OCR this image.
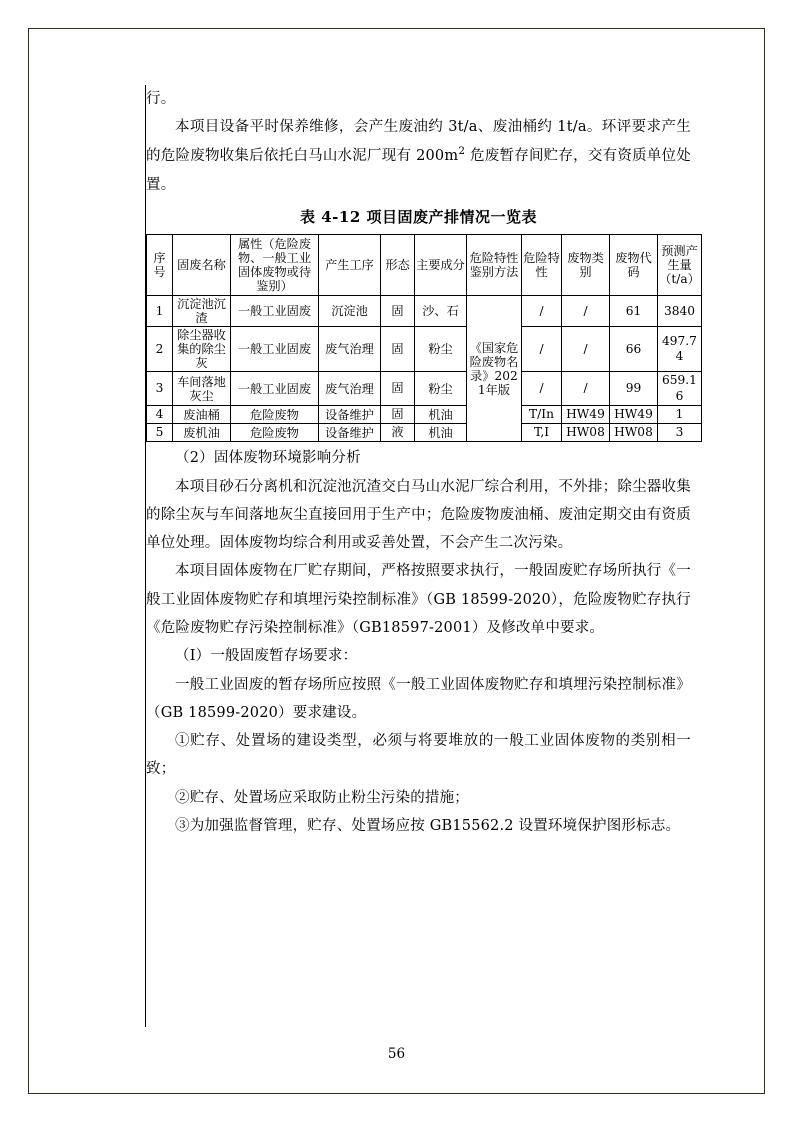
行。

本项目设备平时保养维修，会产生废油约 3t/a、废油桶约 1t/a。环评要求产生的危险废物收集后依托白马山水泥厂现有 $200m^2$ 危废暂存间贮存，交有资质单位处置。

表 4-12 项目固废产排情况一览表
序号	固废名称	属性（危险废物、一般工业固体废物或待鉴别）	产生工序	形态	主要成分	危险特性鉴别方法	危险特性	废物类别	废物代码	预测产生量（t/a）
1	沉淀池沉渣	一般工业固废	沉淀池	固	沙、石	《国家危险废物名录》2021年版	/	/	61	3840
2	除尘器收集的除尘灰	一般工业固废	废气治理	固	粉尘		/	/	66	497.74
3	车间落地灰尘	一般工业固废	废气治理	固	粉尘		/	/	99	659.16
4	废油桶	危险废物	设备维护	固	机油		T/In	HW49	HW49	1
5	废机油	危险废物	设备维护	液	机油		T,I	HW08	HW08	3

（2）固体废物环境影响分析

本项目砂石分离机和沉淀池沉渣交白马山水泥厂综合利用，不外排；除尘器收集的除尘灰与车间落地灰尘直接回用于生产中；危险废物废油桶、废油定期交由有资质单位处理。固体废物均综合利用或妥善处置，不会产生二次污染。

本项目固体废物在厂贮存期间，严格按照要求执行，一般固废贮存场所执行《一般工业固体废物贮存和填埋污染控制标准》（GB 18599-2020），危险废物贮存执行《危险废物贮存污染控制标准》（GB18597-2001）及修改单中要求。

（I）一般固废暂存场要求：

一般工业固废的暂存场所应按照《一般工业固体废物贮存和填埋污染控制标准》（GB 18599-2020）要求建设。

①贮存、处置场的建设类型，必须与将要堆放的一般工业固体废物的类别相一致；

②贮存、处置场应采取防止粉尘污染的措施；

③为加强监督管理，贮存、处置场应按 GB15562.2 设置环境保护图形标志。

56
